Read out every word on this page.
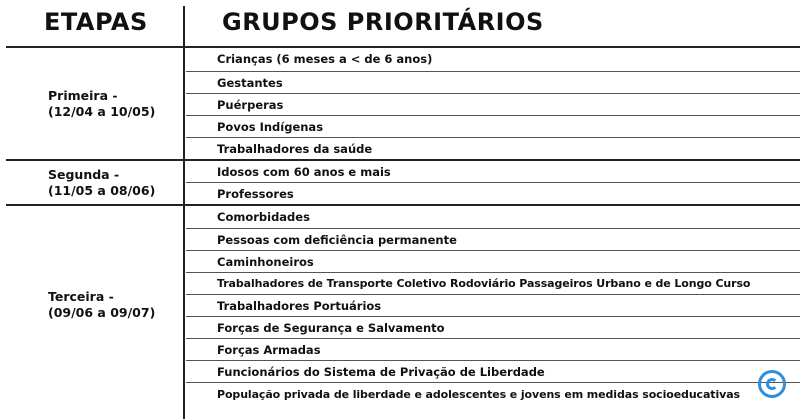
ETAPAS	GRUPOS PRIORITÁRIOS
Primeira -
(12/04 a 10/05)
Segunda -
(11/05 a 08/06)
Terceira -
(09/06 a 09/07)
Crianças (6 meses a < de 6 anos)
Gestantes
Puérperas
Povos Indígenas
Trabalhadores da saúde
Idosos com 60 anos e mais
Professores
Comorbidades
Pessoas com deficiência permanente
Caminhoneiros
Trabalhadores de Transporte Coletivo Rodoviário Passageiros Urbano e de Longo Curso
Trabalhadores Portuários
Forças de Segurança e Salvamento
Forças Armadas
Funcionários do Sistema de Privação de Liberdade
População privada de liberdade e adolescentes e jovens em medidas socioeducativas
